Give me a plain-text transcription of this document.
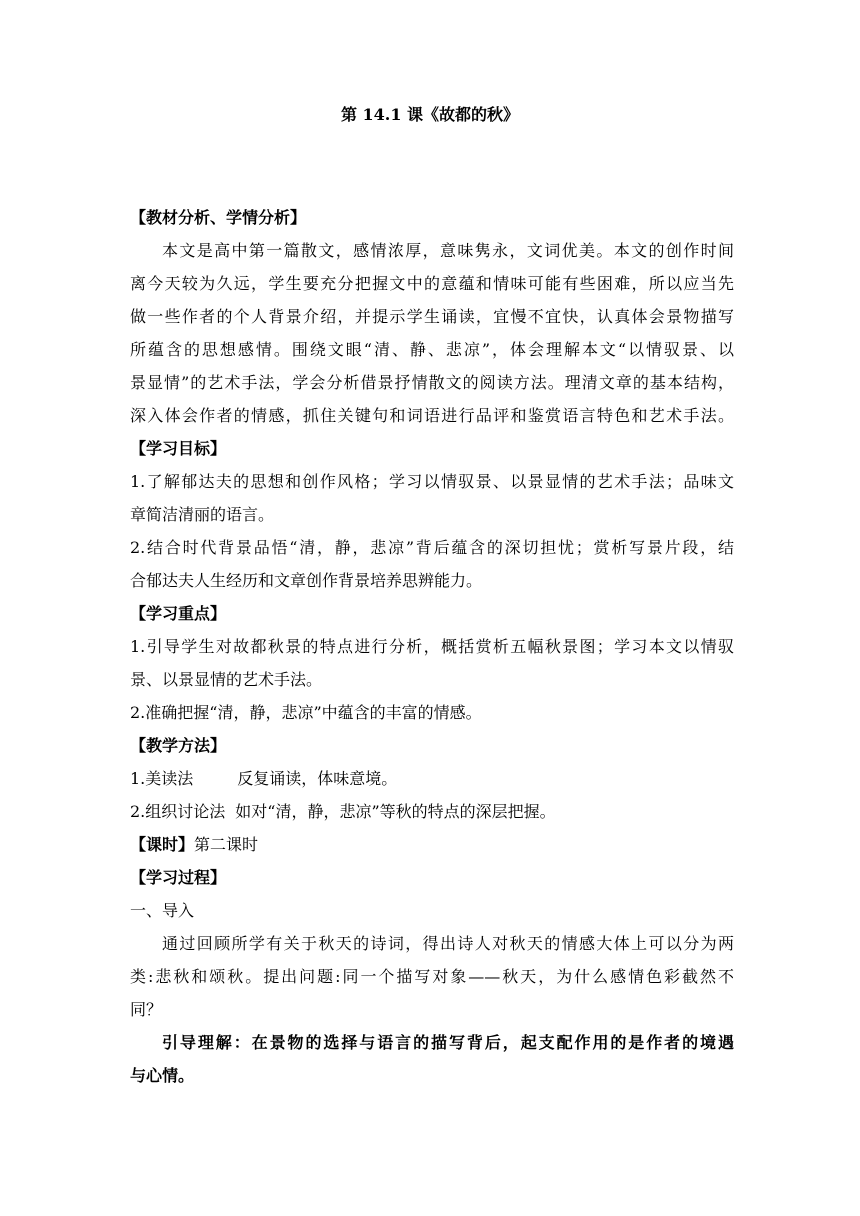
第 14.1 课《故都的秋》

【教材分析、学情分析】

本文是高中第一篇散文，感情浓厚，意味隽永，文词优美。本文的创作时间

离今天较为久远，学生要充分把握文中的意蕴和情味可能有些困难，所以应当先

做一些作者的个人背景介绍，并提示学生诵读，宜慢不宜快，认真体会景物描写

所蕴含的思想感情。围绕文眼“清、静、悲凉”，体会理解本文“以情驭景、以

景显情”的艺术手法，学会分析借景抒情散文的阅读方法。理清文章的基本结构，

深入体会作者的情感，抓住关键句和词语进行品评和鉴赏语言特色和艺术手法。

【学习目标】

1.了解郁达夫的思想和创作风格；学习以情驭景、以景显情的艺术手法；品味文

章简洁清丽的语言。

2.结合时代背景品悟“清，静，悲凉”背后蕴含的深切担忧；赏析写景片段，结

合郁达夫人生经历和文章创作背景培养思辨能力。

【学习重点】

1.引导学生对故都秋景的特点进行分析，概括赏析五幅秋景图；学习本文以情驭

景、以景显情的艺术手法。

2.准确把握“清，静，悲凉”中蕴含的丰富的情感。

【教学方法】

1.美读法	反复诵读，体味意境。

2.组织讨论法 如对“清，静，悲凉”等秋的特点的深层把握。

【课时】第二课时

【学习过程】

一、导入

通过回顾所学有关于秋天的诗词，得出诗人对秋天的情感大体上可以分为两

类:悲秋和颂秋。提出问题:同一个描写对象——秋天，为什么感情色彩截然不

同？

引导理解：在景物的选择与语言的描写背后，起支配作用的是作者的境遇

与心情。
